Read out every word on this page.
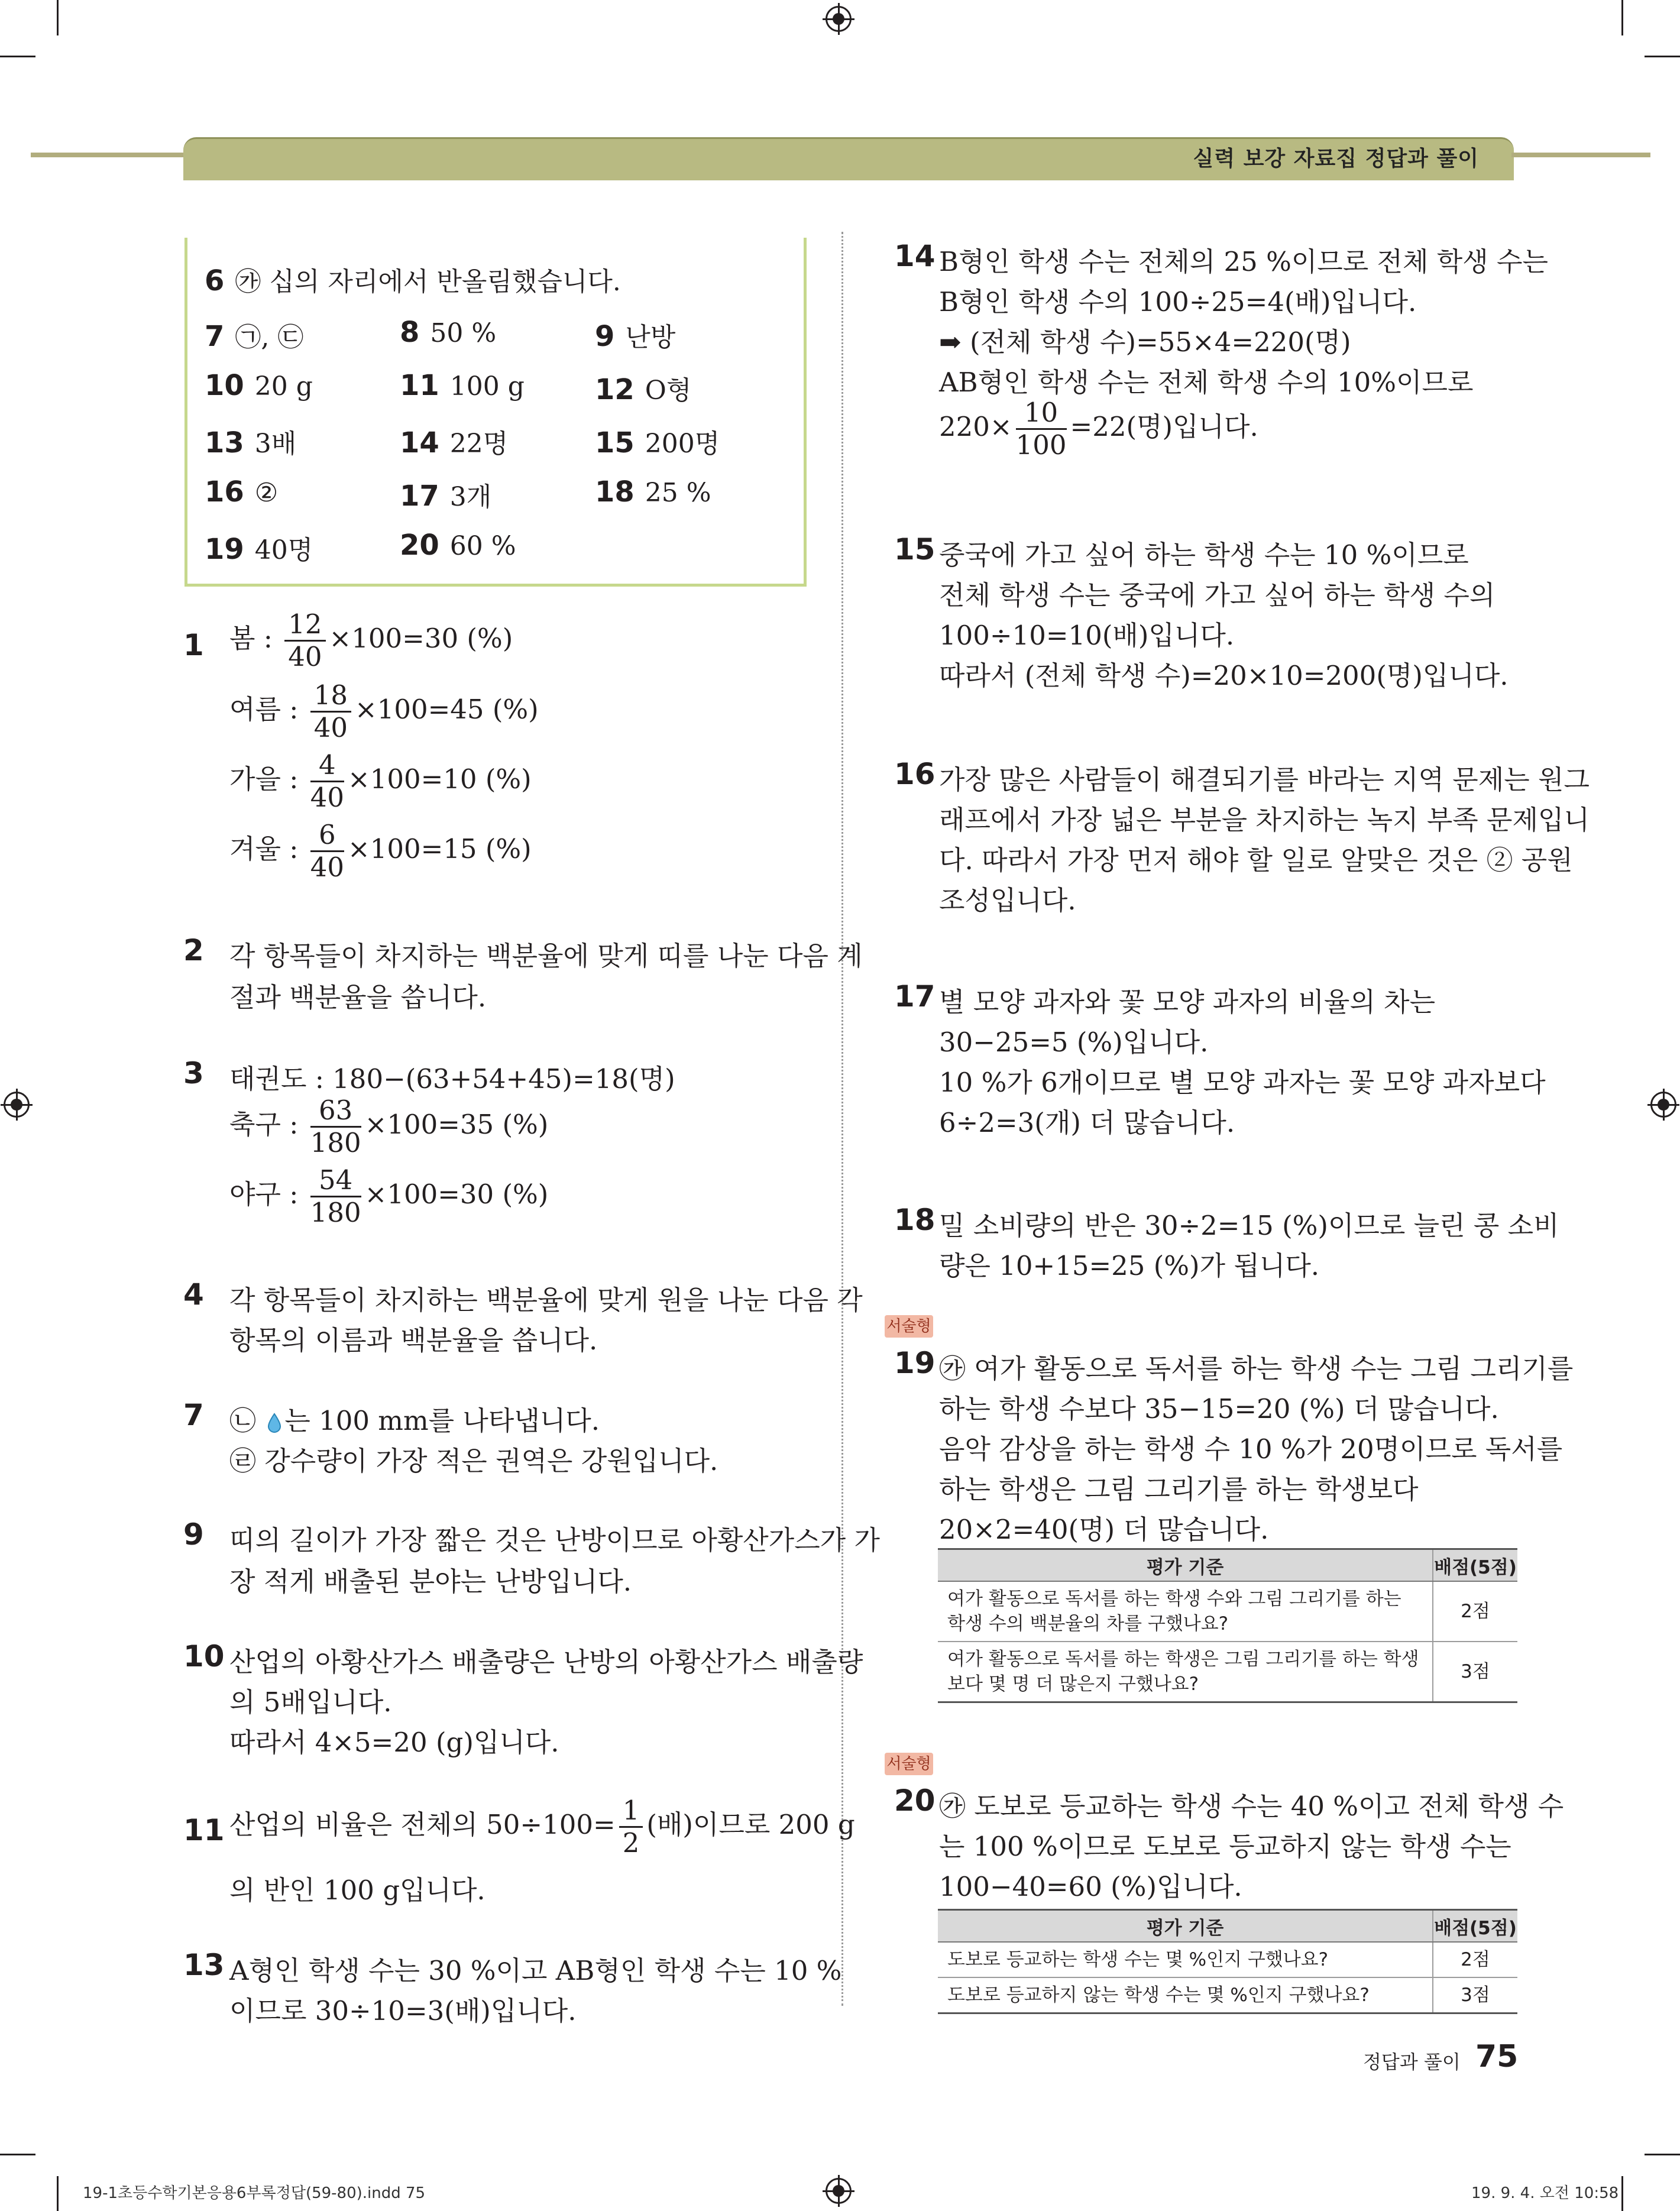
실력 보강 자료집 정답과 풀이
6 ㉮ 십의 자리에서 반올림했습니다.
7 ㉠, ㉢	8 50 %	9 난방
10 20 g	11 100 g 12 O형
13 3배	14 22명	15 200명
16 ②	17 3개	18 25 %
19 40명	20 60 %
1 봄 : $\frac{12}{40} \times 100=30$ (%)
여름 : $\frac{18}{40} \times 100=45$ (%)
가을 : $\frac{4}{40} \times 100=10$ (%)
겨울 : $\frac{6}{40} \times 100=15$ (%)
2 각 항목들이 차지하는 백분율에 맞게 띠를 나눈 다음 계
절과 백분율을 씁니다.
3 태권도 : 180−(63+54+45)=18(명)
축구 : $\frac{63}{180} \times 100=35$ (%)
야구 : $\frac{54}{180} \times 100=30$ (%)
4 각 항목들이 차지하는 백분율에 맞게 원을 나눈 다음 각
항목의 이름과 백분율을 씁니다.
7 ㉡ 는 100 mm를 나타냅니다.
㉣ 강수량이 가장 적은 권역은 강원입니다.
9 띠의 길이가 가장 짧은 것은 난방이므로 아황산가스가 가
장 적게 배출된 분야는 난방입니다.
10 산업의 아황산가스 배출량은 난방의 아황산가스 배출량
의 5배입니다.
따라서 4×5=20 (g)입니다.
11 산업의 비율은 전체의 $50\div 100= \frac{1}{2}$ (배)이므로 200 g
의 반인 100 g입니다.
13 A형인 학생 수는 30 %이고 AB형인 학생 수는 10 %
이므로 30÷10=3(배)입니다.
14 B형인 학생 수는 전체의 25 %이므로 전체 학생 수는
B형인 학생 수의 100÷25=4(배)입니다.
➡ (전체 학생 수)=55×4=220(명)
AB형인 학생 수는 전체 학생 수의 10%이므로
$220\times \frac{10}{100} =22$(명)입니다.
15 중국에 가고 싶어 하는 학생 수는 10 %이므로
전체 학생 수는 중국에 가고 싶어 하는 학생 수의
100÷10=10(배)입니다.
따라서 (전체 학생 수)=20×10=200(명)입니다.
16 가장 많은 사람들이 해결되기를 바라는 지역 문제는 원그
래프에서 가장 넓은 부분을 차지하는 녹지 부족 문제입니
다. 따라서 가장 먼저 해야 할 일로 알맞은 것은 ② 공원
조성입니다.
17 별 모양 과자와 꽃 모양 과자의 비율의 차는
30−25=5 (%)입니다.
10 %가 6개이므로 별 모양 과자는 꽃 모양 과자보다
6÷2=3(개) 더 많습니다.
18 밀 소비량의 반은 30÷2=15 (%)이므로 늘린 콩 소비
량은 10+15=25 (%)가 됩니다.
서술형
19 ㉮ 여가 활동으로 독서를 하는 학생 수는 그림 그리기를
하는 학생 수보다 35−15=20 (%) 더 많습니다.
음악 감상을 하는 학생 수 10 %가 20명이므로 독서를
하는 학생은 그림 그리기를 하는 학생보다
20×2=40(명) 더 많습니다.
평가 기준	배점(5점)
여가 활동으로 독서를 하는 학생 수와 그림 그리기를 하는
학생 수의 백분율의 차를 구했나요?	2점
여가 활동으로 독서를 하는 학생은 그림 그리기를 하는 학생
보다 몇 명 더 많은지 구했나요?	3점
서술형
20 ㉮ 도보로 등교하는 학생 수는 40 %이고 전체 학생 수
는 100 %이므로 도보로 등교하지 않는 학생 수는
100−40=60 (%)입니다.
평가 기준	배점(5점)
도보로 등교하는 학생 수는 몇 %인지 구했나요?	2점
도보로 등교하지 않는 학생 수는 몇 %인지 구했나요?	3점
정답과 풀이 75
19-1초등수학기본응용6부록정답(59-80).indd 75	19. 9. 4. 오전 10:58
